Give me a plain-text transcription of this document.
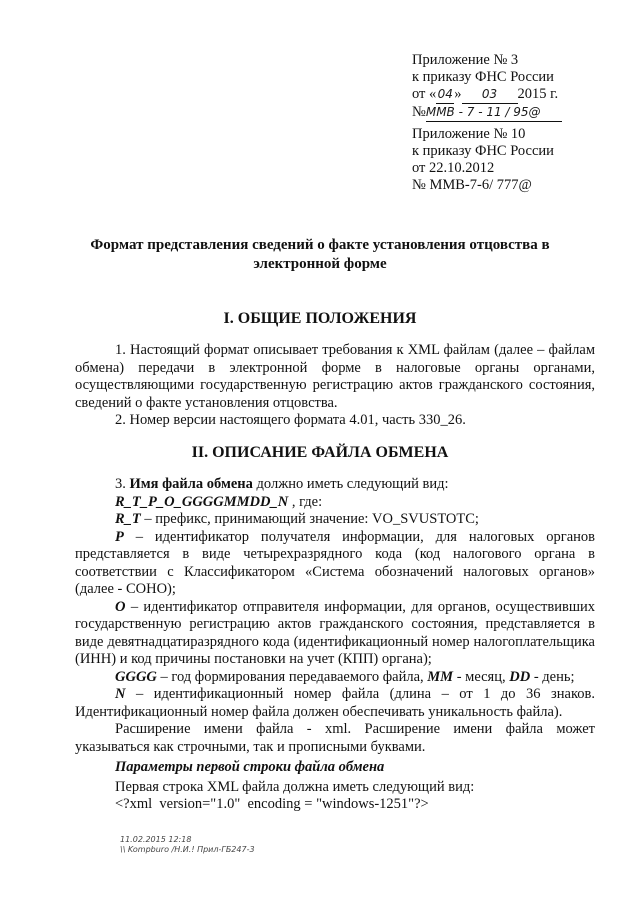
Приложение № 3
к приказу ФНС России
от «04» 03 2015 г.
№ММВ - 7 - 11 / 95@
Приложение № 10
к приказу ФНС России
от 22.10.2012
№ ММВ-7-6/ 777@
Формат представления сведений о факте установления отцовства в
электронной форме
I. ОБЩИЕ ПОЛОЖЕНИЯ

1. Настоящий формат описывает требования к XML файлам (далее – файлам обмена) передачи в электронной форме в налоговые органы органами, осуществляющими государственную регистрацию актов гражданского состояния, сведений о факте установления отцовства.

2. Номер версии настоящего формата 4.01, часть 330_26.

II. ОПИСАНИЕ ФАЙЛА ОБМЕНА

3. Имя файла обмена должно иметь следующий вид:

R_T_P_O_GGGGMMDD_N , где:

R_T – префикс, принимающий значение: VO_SVUSTOTC;

P – идентификатор получателя информации, для налоговых органов представляется в виде четырехразрядного кода (код налогового органа в соответствии с Классификатором «Система обозначений налоговых органов» (далее - СОНО);

O – идентификатор отправителя информации, для органов, осуществивших государственную регистрацию актов гражданского состояния, представляется в виде девятнадцатиразрядного кода (идентификационный номер налогоплательщика (ИНН) и код причины постановки на учет (КПП) органа);

GGGG – год формирования передаваемого файла, MM - месяц, DD - день;

N – идентификационный номер файла (длина – от 1 до 36 знаков. Идентификационный номер файла должен обеспечивать уникальность файла).

Расширение имени файла - xml. Расширение имени файла может указываться как строчными, так и прописными буквами.

Параметры первой строки файла обмена

Первая строка XML файла должна иметь следующий вид:

<?xml  version="1.0"  encoding = "windows-1251"?>

11.02.2015 12:18
\\ Kompburo /Н.И.! Прил-ГБ247-3
